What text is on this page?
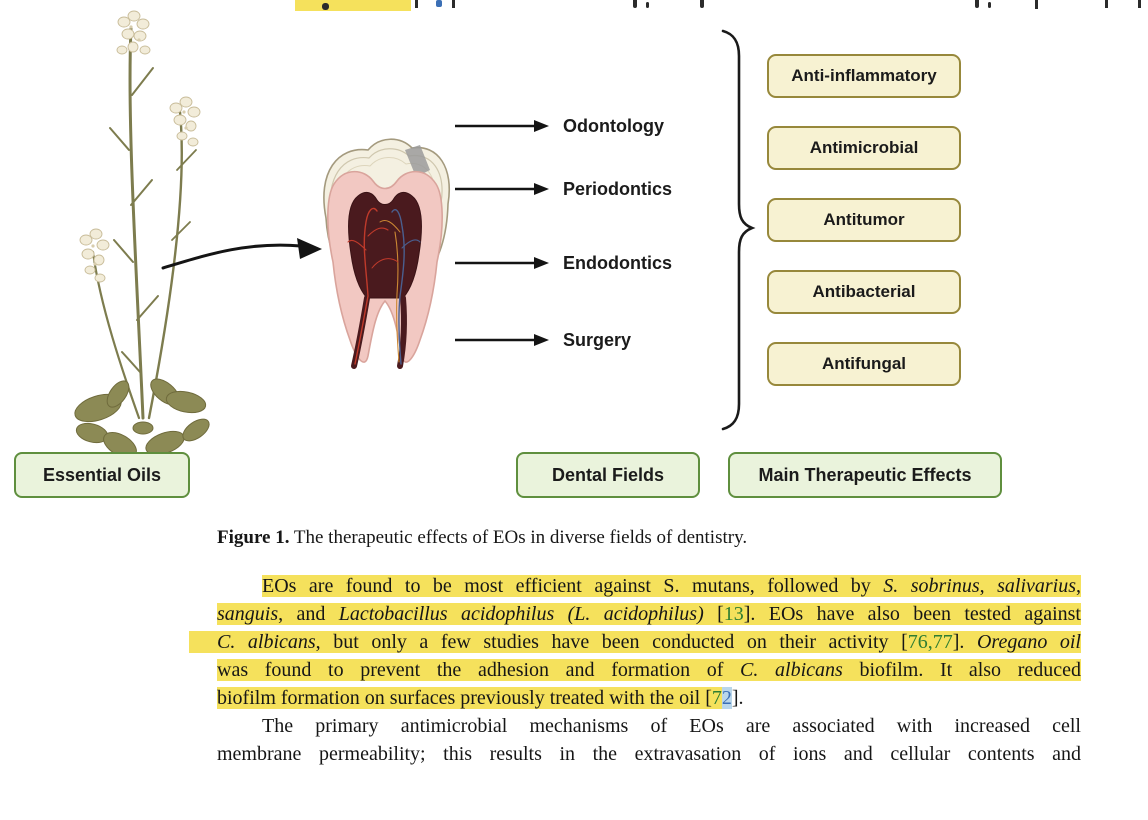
Odontology
Periodontics
Endodontics
Surgery
Anti-inflammatory
Antimicrobial
Antitumor
Antibacterial
Antifungal
Essential Oils	Dental Fields	Main Therapeutic Effects
Figure 1. The therapeutic effects of EOs in diverse fields of dentistry.
EOs are found to be most efficient against S. mutans, followed by S. sobrinus, salivarius,
sanguis, and Lactobacillus acidophilus (L. acidophilus) [13]. EOs have also been tested against
C. albicans, but only a few studies have been conducted on their activity [76,77]. Oregano oil
was found to prevent the adhesion and formation of C. albicans biofilm. It also reduced
biofilm formation on surfaces previously treated with the oil [72].
The primary antimicrobial mechanisms of EOs are associated with increased cell
membrane permeability; this results in the extravasation of ions and cellular contents and
